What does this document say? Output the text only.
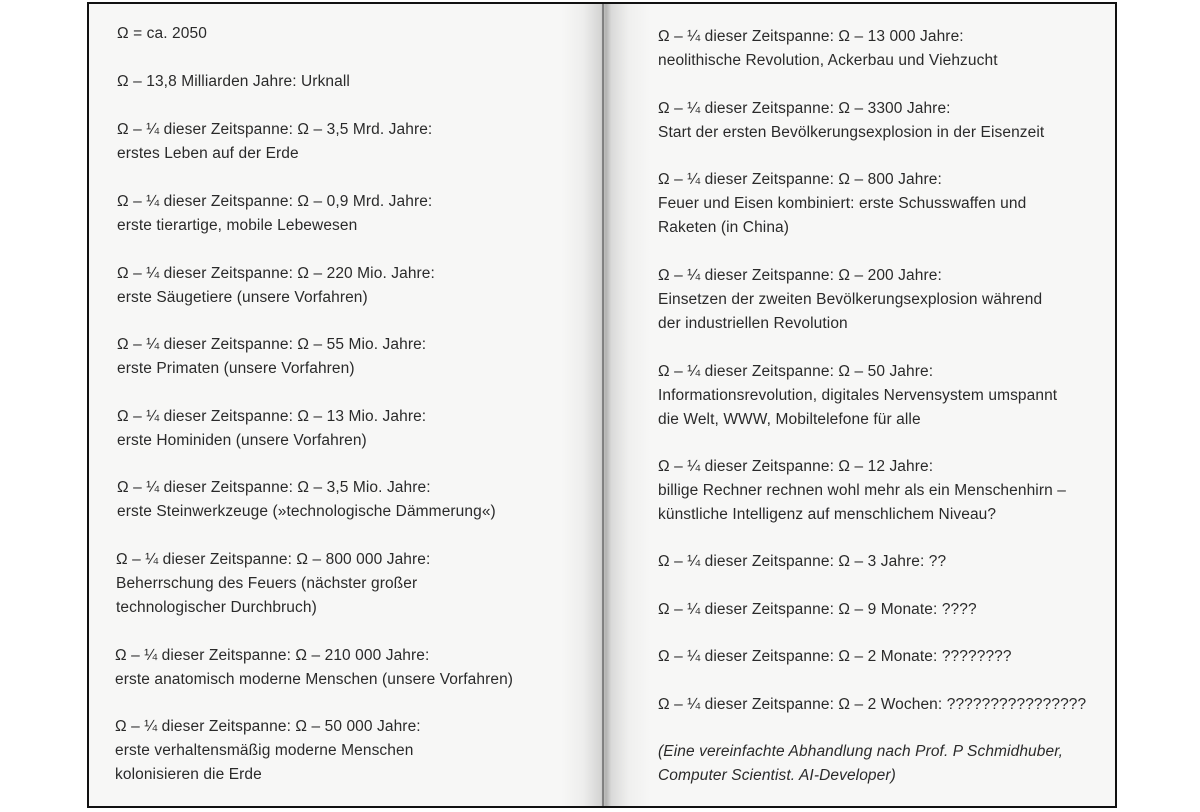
Ω = ca. 2050
Ω – 13,8 Milliarden Jahre: Urknall
Ω – ¼ dieser Zeitspanne: Ω – 3,5 Mrd. Jahre:
erstes Leben auf der Erde
Ω – ¼ dieser Zeitspanne: Ω – 0,9 Mrd. Jahre:
erste tierartige, mobile Lebewesen
Ω – ¼ dieser Zeitspanne: Ω – 220 Mio. Jahre:
erste Säugetiere (unsere Vorfahren)
Ω – ¼ dieser Zeitspanne: Ω – 55 Mio. Jahre:
erste Primaten (unsere Vorfahren)
Ω – ¼ dieser Zeitspanne: Ω – 13 Mio. Jahre:
erste Hominiden (unsere Vorfahren)
Ω – ¼ dieser Zeitspanne: Ω – 3,5 Mio. Jahre:
erste Steinwerkzeuge (»technologische Dämmerung«)
Ω – ¼ dieser Zeitspanne: Ω – 800 000 Jahre:
Beherrschung des Feuers (nächster großer
technologischer Durchbruch)
Ω – ¼ dieser Zeitspanne: Ω – 210 000 Jahre:
erste anatomisch moderne Menschen (unsere Vorfahren)
Ω – ¼ dieser Zeitspanne: Ω – 50 000 Jahre:
erste verhaltensmäßig moderne Menschen
kolonisieren die Erde
Ω – ¼ dieser Zeitspanne: Ω – 13 000 Jahre:
neolithische Revolution, Ackerbau und Viehzucht
Ω – ¼ dieser Zeitspanne: Ω – 3300 Jahre:
Start der ersten Bevölkerungsexplosion in der Eisenzeit
Ω – ¼ dieser Zeitspanne: Ω – 800 Jahre:
Feuer und Eisen kombiniert: erste Schusswaffen und
Raketen (in China)
Ω – ¼ dieser Zeitspanne: Ω – 200 Jahre:
Einsetzen der zweiten Bevölkerungsexplosion während
der industriellen Revolution
Ω – ¼ dieser Zeitspanne: Ω – 50 Jahre:
Informationsrevolution, digitales Nervensystem umspannt
die Welt, WWW, Mobiltelefone für alle
Ω – ¼ dieser Zeitspanne: Ω – 12 Jahre:
billige Rechner rechnen wohl mehr als ein Menschenhirn –
künstliche Intelligenz auf menschlichem Niveau?
Ω – ¼ dieser Zeitspanne: Ω – 3 Jahre: ??
Ω – ¼ dieser Zeitspanne: Ω – 9 Monate: ????
Ω – ¼ dieser Zeitspanne: Ω – 2 Monate: ????????
Ω – ¼ dieser Zeitspanne: Ω – 2 Wochen: ????????????????
(Eine vereinfachte Abhandlung nach Prof. P Schmidhuber,
Computer Scientist. AI-Developer)
